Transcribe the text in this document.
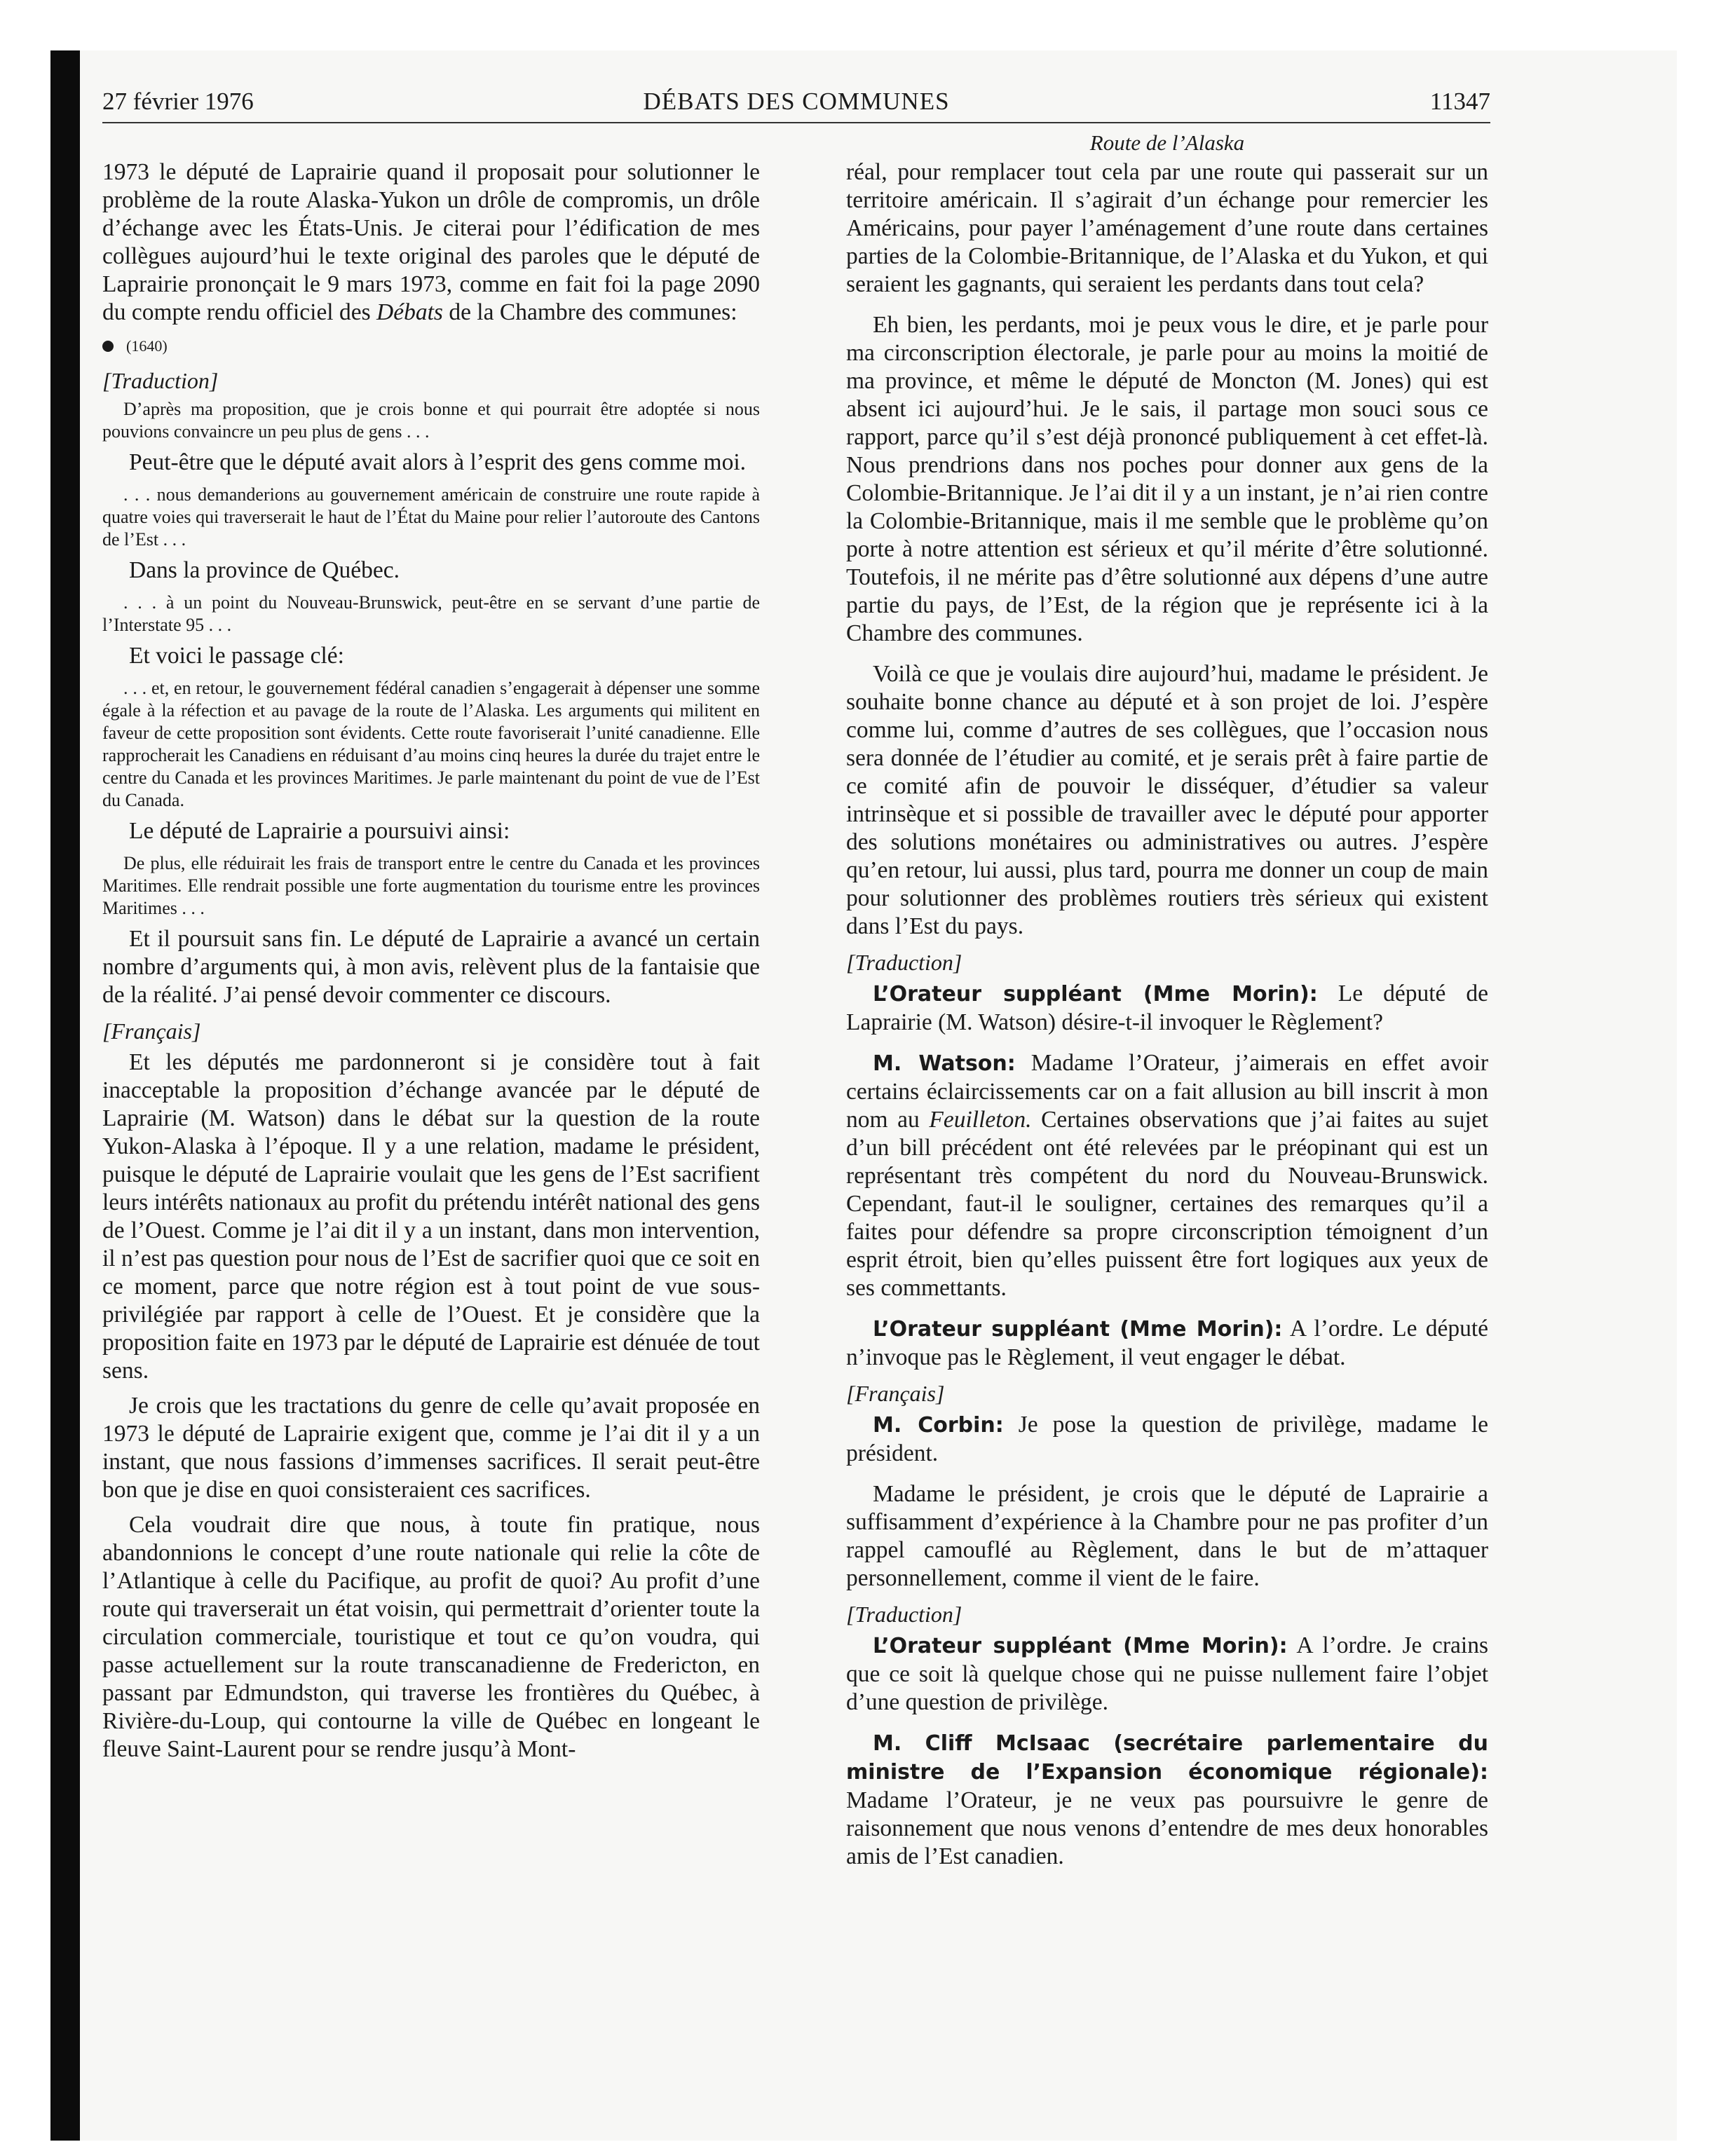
27 février 1976	DÉBATS DES COMMUNES	11347
Route de l’Alaska

1973 le député de Laprairie quand il proposait pour solutionner le problème de la route Alaska-Yukon un drôle de compromis, un drôle d’échange avec les États-Unis. Je citerai pour l’édification de mes collègues aujourd’hui le texte original des paroles que le député de Laprairie prononçait le 9 mars 1973, comme en fait foi la page 2090 du compte rendu officiel des Débats de la Chambre des communes:

(1640)
[Traduction]

D’après ma proposition, que je crois bonne et qui pourrait être adoptée si nous pouvions convaincre un peu plus de gens . . .

Peut-être que le député avait alors à l’esprit des gens comme moi.

. . . nous demanderions au gouvernement américain de construire une route rapide à quatre voies qui traverserait le haut de l’État du Maine pour relier l’autoroute des Cantons de l’Est . . .

Dans la province de Québec.

. . . à un point du Nouveau-Brunswick, peut-être en se servant d’une partie de l’Interstate 95 . . .

Et voici le passage clé:

. . . et, en retour, le gouvernement fédéral canadien s’engagerait à dépenser une somme égale à la réfection et au pavage de la route de l’Alaska. Les arguments qui militent en faveur de cette proposition sont évidents. Cette route favoriserait l’unité canadienne. Elle rapprocherait les Canadiens en réduisant d’au moins cinq heures la durée du trajet entre le centre du Canada et les provinces Maritimes. Je parle maintenant du point de vue de l’Est du Canada.

Le député de Laprairie a poursuivi ainsi:

De plus, elle réduirait les frais de transport entre le centre du Canada et les provinces Maritimes. Elle rendrait possible une forte augmentation du tourisme entre les provinces Maritimes . . .

Et il poursuit sans fin. Le député de Laprairie a avancé un certain nombre d’arguments qui, à mon avis, relèvent plus de la fantaisie que de la réalité. J’ai pensé devoir commenter ce discours.

[Français]

Et les députés me pardonneront si je considère tout à fait inacceptable la proposition d’échange avancée par le député de Laprairie (M. Watson) dans le débat sur la question de la route Yukon-Alaska à l’époque. Il y a une relation, madame le président, puisque le député de Laprairie voulait que les gens de l’Est sacrifient leurs intérêts nationaux au profit du prétendu intérêt national des gens de l’Ouest. Comme je l’ai dit il y a un instant, dans mon intervention, il n’est pas question pour nous de l’Est de sacrifier quoi que ce soit en ce moment, parce que notre région est à tout point de vue sous-privilégiée par rapport à celle de l’Ouest. Et je considère que la proposition faite en 1973 par le député de Laprairie est dénuée de tout sens.

Je crois que les tractations du genre de celle qu’avait proposée en 1973 le député de Laprairie exigent que, comme je l’ai dit il y a un instant, que nous fassions d’immenses sacrifices. Il serait peut-être bon que je dise en quoi consisteraient ces sacrifices.

Cela voudrait dire que nous, à toute fin pratique, nous abandonnions le concept d’une route nationale qui relie la côte de l’Atlantique à celle du Pacifique, au profit de quoi? Au profit d’une route qui traverserait un état voisin, qui permettrait d’orienter toute la circulation commerciale, touristique et tout ce qu’on voudra, qui passe actuellement sur la route transcanadienne de Fredericton, en passant par Edmundston, qui traverse les frontières du Québec, à Rivière-du-Loup, qui contourne la ville de Québec en longeant le fleuve Saint-Laurent pour se rendre jusqu’à Mont-

réal, pour remplacer tout cela par une route qui passerait sur un territoire américain. Il s’agirait d’un échange pour remercier les Américains, pour payer l’aménagement d’une route dans certaines parties de la Colombie-Britannique, de l’Alaska et du Yukon, et qui seraient les gagnants, qui seraient les perdants dans tout cela?

Eh bien, les perdants, moi je peux vous le dire, et je parle pour ma circonscription électorale, je parle pour au moins la moitié de ma province, et même le député de Moncton (M. Jones) qui est absent ici aujourd’hui. Je le sais, il partage mon souci sous ce rapport, parce qu’il s’est déjà prononcé publiquement à cet effet-là. Nous prendrions dans nos poches pour donner aux gens de la Colombie-Britannique. Je l’ai dit il y a un instant, je n’ai rien contre la Colombie-Britannique, mais il me semble que le problème qu’on porte à notre attention est sérieux et qu’il mérite d’être solutionné. Toutefois, il ne mérite pas d’être solutionné aux dépens d’une autre partie du pays, de l’Est, de la région que je représente ici à la Chambre des communes.

Voilà ce que je voulais dire aujourd’hui, madame le président. Je souhaite bonne chance au député et à son projet de loi. J’espère comme lui, comme d’autres de ses collègues, que l’occasion nous sera donnée de l’étudier au comité, et je serais prêt à faire partie de ce comité afin de pouvoir le disséquer, d’étudier sa valeur intrinsèque et si possible de travailler avec le député pour apporter des solutions monétaires ou administratives ou autres. J’espère qu’en retour, lui aussi, plus tard, pourra me donner un coup de main pour solutionner des problèmes routiers très sérieux qui existent dans l’Est du pays.

[Traduction]

L’Orateur suppléant (Mme Morin): Le député de Laprairie (M. Watson) désire-t-il invoquer le Règlement?

M. Watson: Madame l’Orateur, j’aimerais en effet avoir certains éclaircissements car on a fait allusion au bill inscrit à mon nom au Feuilleton. Certaines observations que j’ai faites au sujet d’un bill précédent ont été relevées par le préopinant qui est un représentant très compétent du nord du Nouveau-Brunswick. Cependant, faut-il le souligner, certaines des remarques qu’il a faites pour défendre sa propre circonscription témoignent d’un esprit étroit, bien qu’elles puissent être fort logiques aux yeux de ses commettants.

L’Orateur suppléant (Mme Morin): A l’ordre. Le député n’invoque pas le Règlement, il veut engager le débat.

[Français]

M. Corbin: Je pose la question de privilège, madame le président.

Madame le président, je crois que le député de Laprairie a suffisamment d’expérience à la Chambre pour ne pas profiter d’un rappel camouflé au Règlement, dans le but de m’attaquer personnellement, comme il vient de le faire.

[Traduction]

L’Orateur suppléant (Mme Morin): A l’ordre. Je crains que ce soit là quelque chose qui ne puisse nullement faire l’objet d’une question de privilège.

M. Cliff McIsaac (secrétaire parlementaire du ministre de l’Expansion économique régionale): Madame l’Orateur, je ne veux pas poursuivre le genre de raisonnement que nous venons d’entendre de mes deux honorables amis de l’Est canadien.
